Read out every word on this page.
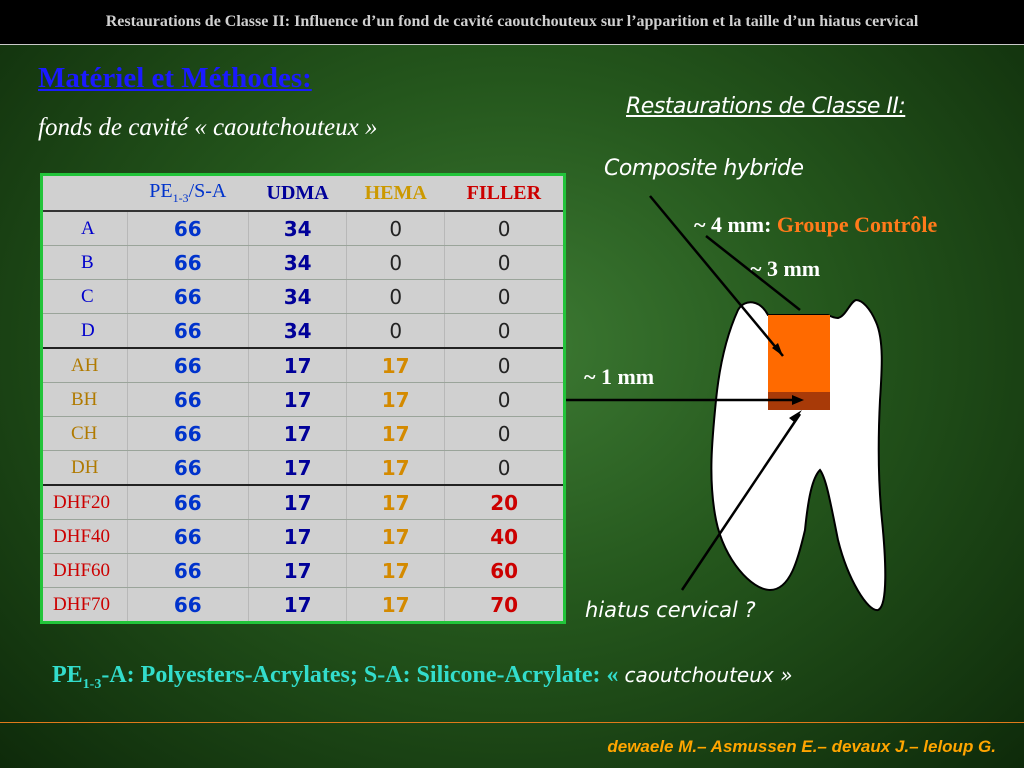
Restaurations de Classe II: Influence d’un fond de cavité caoutchouteux sur l’apparition et la taille d’un hiatus cervical
Matériel et Méthodes:
fonds de cavité « caoutchouteux »
	$PE_{1-3}/S-A$	UDMA	HEMA	FILLER
A	66	34	0	0
B	66	34	0	0
C	66	34	0	0
D	66	34	0	0
AH	66	17	17	0
BH	66	17	17	0
CH	66	17	17	0
DH	66	17	17	0
DHF20	66	17	17	20
DHF40	66	17	17	40
DHF60	66	17	17	60
DHF70	66	17	17	70
Restaurations de Classe II:
Composite hybride
~ 4 mm: Groupe Contrôle
~ 3 mm
~ 1 mm
hiatus cervical ?
$PE_{1-3}-A$: Polyesters-Acrylates; S-A: Silicone-Acrylate: « caoutchouteux »
dewaele M.– Asmussen E.– devaux J.– leloup G.
